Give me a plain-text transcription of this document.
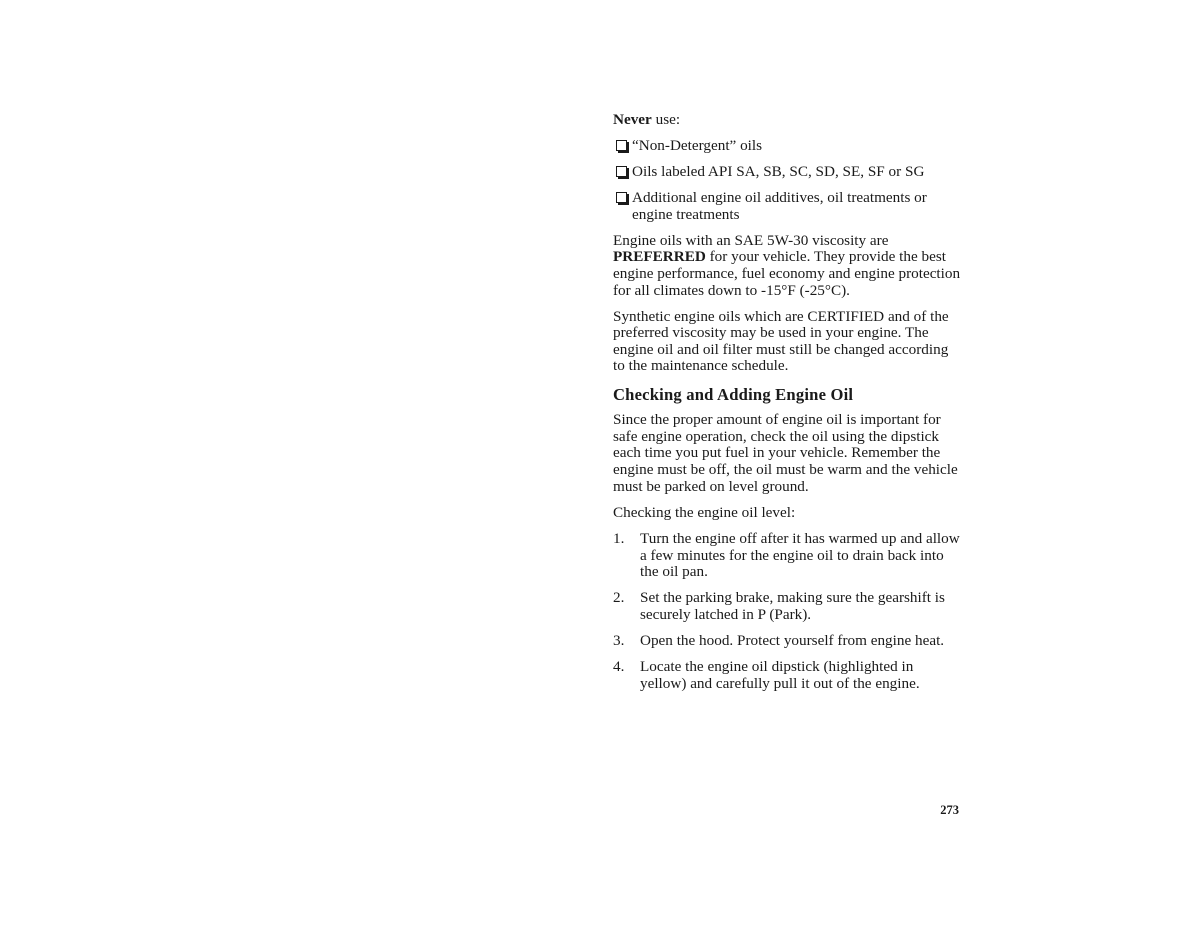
Never use:

“Non-Detergent” oils
Oils labeled API SA, SB, SC, SD, SE, SF or SG
Additional engine oil additives, oil treatments or engine treatments

Engine oils with an SAE 5W-30 viscosity are PREFERRED for your vehicle. They provide the best engine performance, fuel economy and engine protection for all climates down to -15°F (-25°C).

Synthetic engine oils which are CERTIFIED and of the preferred viscosity may be used in your engine. The engine oil and oil filter must still be changed according to the maintenance schedule.

Checking and Adding Engine Oil

Since the proper amount of engine oil is important for safe engine operation, check the oil using the dipstick each time you put fuel in your vehicle. Remember the engine must be off, the oil must be warm and the vehicle must be parked on level ground.

Checking the engine oil level:

1.	Turn the engine off after it has warmed up and allow a few minutes for the engine oil to drain back into the oil pan.
2.	Set the parking brake, making sure the gearshift is securely latched in P (Park).
3.	Open the hood. Protect yourself from engine heat.
4.	Locate the engine oil dipstick (highlighted in yellow) and carefully pull it out of the engine.
273
